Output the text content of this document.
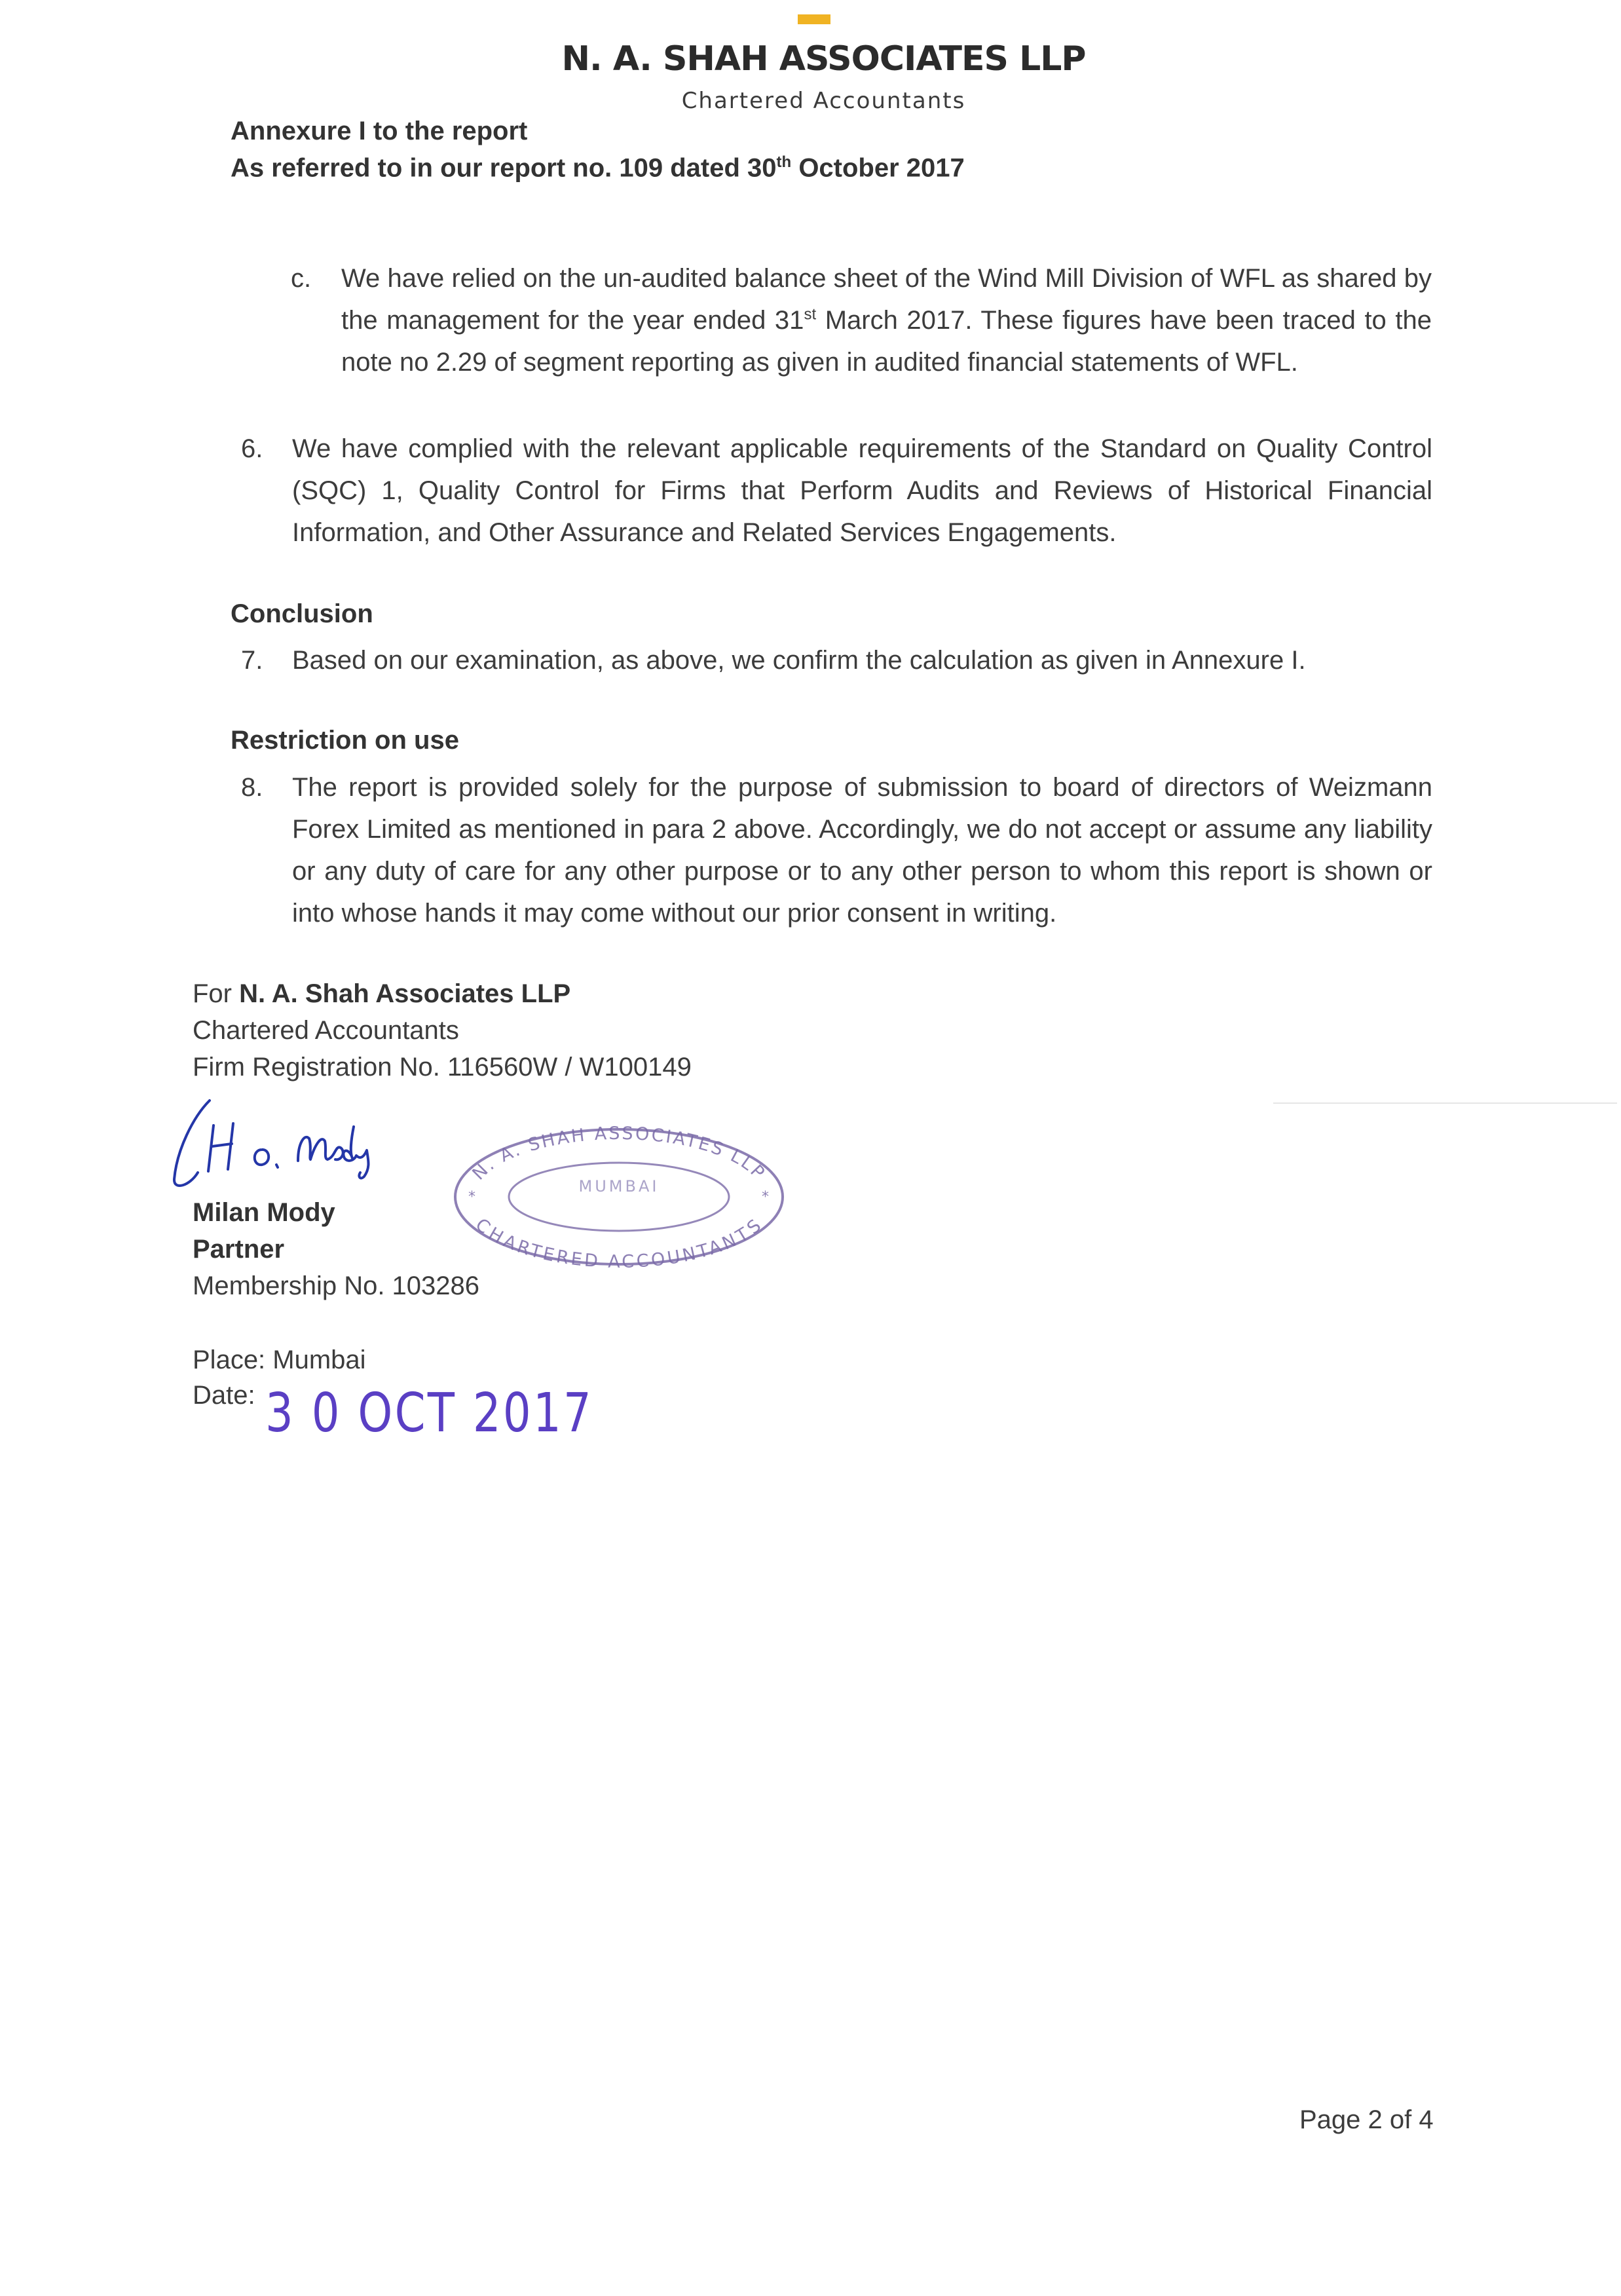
N. A. SHAH ASSOCIATES LLP
Chartered Accountants
Annexure I to the report
As referred to in our report no. 109 dated 30th October 2017
c. We have relied on the un-audited balance sheet of the Wind Mill Division of WFL as shared by the management for the year ended 31st March 2017. These figures have been traced to the note no 2.29 of segment reporting as given in audited financial statements of WFL.
6. We have complied with the relevant applicable requirements of the Standard on Quality Control (SQC) 1, Quality Control for Firms that Perform Audits and Reviews of Historical Financial Information, and Other Assurance and Related Services Engagements.
Conclusion
7. Based on our examination, as above, we confirm the calculation as given in Annexure I.
Restriction on use
8. The report is provided solely for the purpose of submission to board of directors of Weizmann Forex Limited as mentioned in para 2 above. Accordingly, we do not accept or assume any liability or any duty of care for any other purpose or to any other person to whom this report is shown or into whose hands it may come without our prior consent in writing.
For N. A. Shah Associates LLP
Chartered Accountants
Firm Registration No. 116560W / W100149
Milan Mody
Partner
Membership No. 103286
N. A. SHAH ASSOCIATES LLP
MUMBAI
CHARTERED ACCOUNTANTS
*	*
Place: Mumbai
Date: 3 0 OCT 2017
Page 2 of 4
